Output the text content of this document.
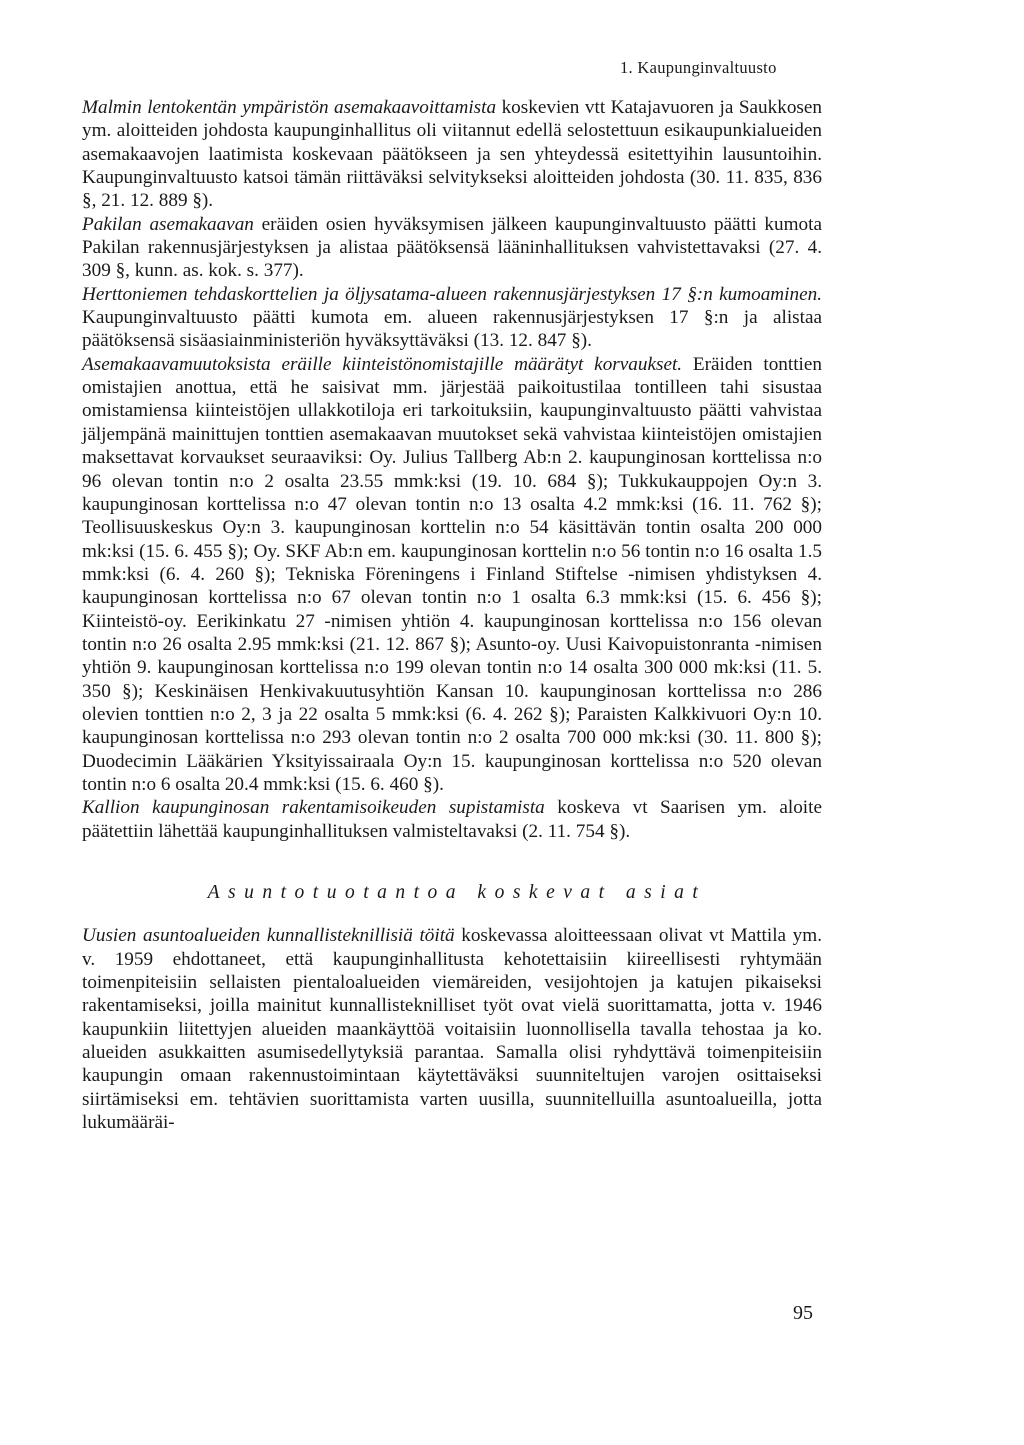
1. Kaupunginvaltuusto

Malmin lentokentän ympäristön asemakaavoittamista koskevien vtt Katajavuoren ja Saukkosen ym. aloitteiden johdosta kaupunginhallitus oli viitannut edellä selostettuun esikaupunkialueiden asemakaavojen laatimista koskevaan päätökseen ja sen yhteydessä esitettyihin lausuntoihin. Kaupunginvaltuusto katsoi tämän riittäväksi selvitykseksi aloitteiden johdosta (30. 11. 835, 836 §, 21. 12. 889 §).

Pakilan asemakaavan eräiden osien hyväksymisen jälkeen kaupunginvaltuusto päätti kumota Pakilan rakennusjärjestyksen ja alistaa päätöksensä lääninhallituksen vahvistettavaksi (27. 4. 309 §, kunn. as. kok. s. 377).

Herttoniemen tehdaskorttelien ja öljysatama-alueen rakennusjärjestyksen 17 §:n kumoaminen. Kaupunginvaltuusto päätti kumota em. alueen rakennusjärjestyksen 17 §:n ja alistaa päätöksensä sisäasiainministeriön hyväksyttäväksi (13. 12. 847 §).

Asemakaavamuutoksista eräille kiinteistönomistajille määrätyt korvaukset. Eräiden tonttien omistajien anottua, että he saisivat mm. järjestää paikoitustilaa tontilleen tahi sisustaa omistamiensa kiinteistöjen ullakkotiloja eri tarkoituksiin, kaupunginvaltuusto päätti vahvistaa jäljempänä mainittujen tonttien asemakaavan muutokset sekä vahvistaa kiinteistöjen omistajien maksettavat korvaukset seuraaviksi: Oy. Julius Tallberg Ab:n 2. kaupunginosan korttelissa n:o 96 olevan tontin n:o 2 osalta 23.55 mmk:ksi (19. 10. 684 §); Tukkukauppojen Oy:n 3. kaupunginosan korttelissa n:o 47 olevan tontin n:o 13 osalta 4.2 mmk:ksi (16. 11. 762 §); Teollisuuskeskus Oy:n 3. kaupunginosan korttelin n:o 54 käsittävän tontin osalta 200 000 mk:ksi (15. 6. 455 §); Oy. SKF Ab:n em. kaupunginosan korttelin n:o 56 tontin n:o 16 osalta 1.5 mmk:ksi (6. 4. 260 §); Tekniska Föreningens i Finland Stiftelse -nimisen yhdistyksen 4. kaupunginosan korttelissa n:o 67 olevan tontin n:o 1 osalta 6.3 mmk:ksi (15. 6. 456 §); Kiinteistö-oy. Eerikinkatu 27 -nimisen yhtiön 4. kaupunginosan korttelissa n:o 156 olevan tontin n:o 26 osalta 2.95 mmk:ksi (21. 12. 867 §); Asunto-oy. Uusi Kaivopuistonranta -nimisen yhtiön 9. kaupunginosan korttelissa n:o 199 olevan tontin n:o 14 osalta 300 000 mk:ksi (11. 5. 350 §); Keskinäisen Henkivakuutusyhtiön Kansan 10. kaupunginosan korttelissa n:o 286 olevien tonttien n:o 2, 3 ja 22 osalta 5 mmk:ksi (6. 4. 262 §); Paraisten Kalkkivuori Oy:n 10. kaupunginosan korttelissa n:o 293 olevan tontin n:o 2 osalta 700 000 mk:ksi (30. 11. 800 §); Duodecimin Lääkärien Yksityissairaala Oy:n 15. kaupunginosan korttelissa n:o 520 olevan tontin n:o 6 osalta 20.4 mmk:ksi (15. 6. 460 §).

Kallion kaupunginosan rakentamisoikeuden supistamista koskeva vt Saarisen ym. aloite päätettiin lähettää kaupunginhallituksen valmisteltavaksi (2. 11. 754 §).

Asuntotuotantoa koskevat asiat

Uusien asuntoalueiden kunnallisteknillisiä töitä koskevassa aloitteessaan olivat vt Mattila ym. v. 1959 ehdottaneet, että kaupunginhallitusta kehotettaisiin kiireellisesti ryhtymään toimenpiteisiin sellaisten pientaloalueiden viemäreiden, vesijohtojen ja katujen pikaiseksi rakentamiseksi, joilla mainitut kunnallisteknilliset työt ovat vielä suorittamatta, jotta v. 1946 kaupunkiin liitettyjen alueiden maankäyttöä voitaisiin luonnollisella tavalla tehostaa ja ko. alueiden asukkaitten asumisedellytyksiä parantaa. Samalla olisi ryhdyttävä toimenpiteisiin kaupungin omaan rakennustoimintaan käytettäväksi suunniteltujen varojen osittaiseksi siirtämiseksi em. tehtävien suorittamista varten uusilla, suunnitelluilla asuntoalueilla, jotta lukumääräi-

95
